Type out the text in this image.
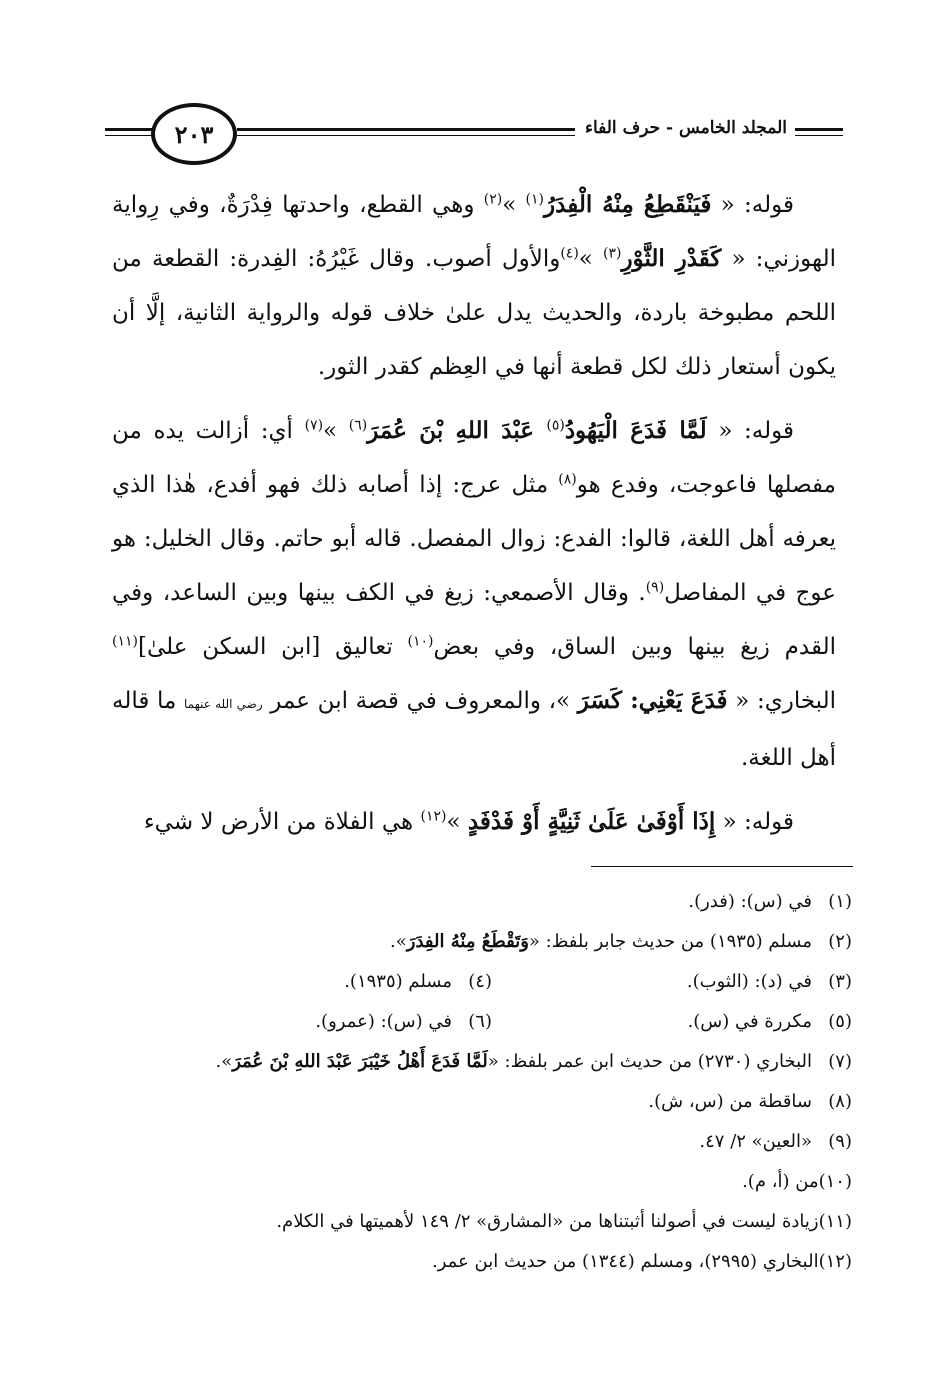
٢٠٣	المجلد الخامس - حرف الفاء

قوله: « فَيَنْقَطِعُ مِنْهُ الْفِدَرُ$^{(١)}$ »$^{(٢)}$ وهي القطع، واحدتها فِدْرَةٌ، وفي رِواية الهوزني: « كَقَدْرِ الثَّوْرِ$^{(٣)}$ »$^{(٤)}$والأول أصوب. وقال غَيْرُهُ: الفِدرة: القطعة من اللحم مطبوخة باردة، والحديث يدل علىٰ خلاف قوله والرواية الثانية، إلَّا أن يكون أستعار ذلك لكل قطعة أنها في العِظم كقدر الثور.

قوله: « لَمَّا فَدَعَ الْيَهُودُ$^{(٥)}$ عَبْدَ اللهِ بْنَ عُمَرَ$^{(٦)}$ »$^{(٧)}$ أي: أزالت يده من مفصلها فاعوجت، وفدع هو$^{(٨)}$ مثل عرج: إذا أصابه ذلك فهو أفدع، هٰذا الذي يعرفه أهل اللغة، قالوا: الفدع: زوال المفصل. قاله أبو حاتم. وقال الخليل: هو عوج في المفاصل$^{(٩)}$. وقال الأصمعي: زيغ في الكف بينها وبين الساعد، وفي القدم زيغ بينها وبين الساق، وفي بعض$^{(١٠)}$ تعاليق [ابن السكن علىٰ]$^{(١١)}$ البخاري: « فَدَعَ يَعْنِي: كَسَرَ »، والمعروف في قصة ابن عمر رضي الله عنهما ما قاله أهل اللغة.

قوله: « إِذَا أَوْفَىٰ عَلَىٰ ثَنِيَّةٍ أَوْ فَدْفَدٍ »$^{(١٢)}$ هي الفلاة من الأرض لا شيء

(١)
في (س): (فدر).
(٢)
مسلم (١٩٣٥) من حديث جابر بلفظ: «
وَتَقْطَعُ مِنْهُ الفِدَرَ
».
(٣)
في (د): (الثوب).
(٤)
مسلم (١٩٣٥).
(٥)
مكررة في (س).
(٦)
في (س): (عمرو).
(٧)
البخاري (٢٧٣٠) من حديث ابن عمر بلفظ: «
لَمَّا فَدَعَ أَهْلُ خَيْبَرَ عَبْدَ اللهِ بْنَ عُمَرَ
».
(٨)
ساقطة من (س، ش).
(٩)
«العين» ٢/ ٤٧.
(١٠)
من (أ، م).
(١١)
زيادة ليست في أصولنا أثبتناها من «المشارق» ٢/ ١٤٩ لأهميتها في الكلام.
(١٢)
البخاري (٢٩٩٥)، ومسلم (١٣٤٤) من حديث ابن عمر.
